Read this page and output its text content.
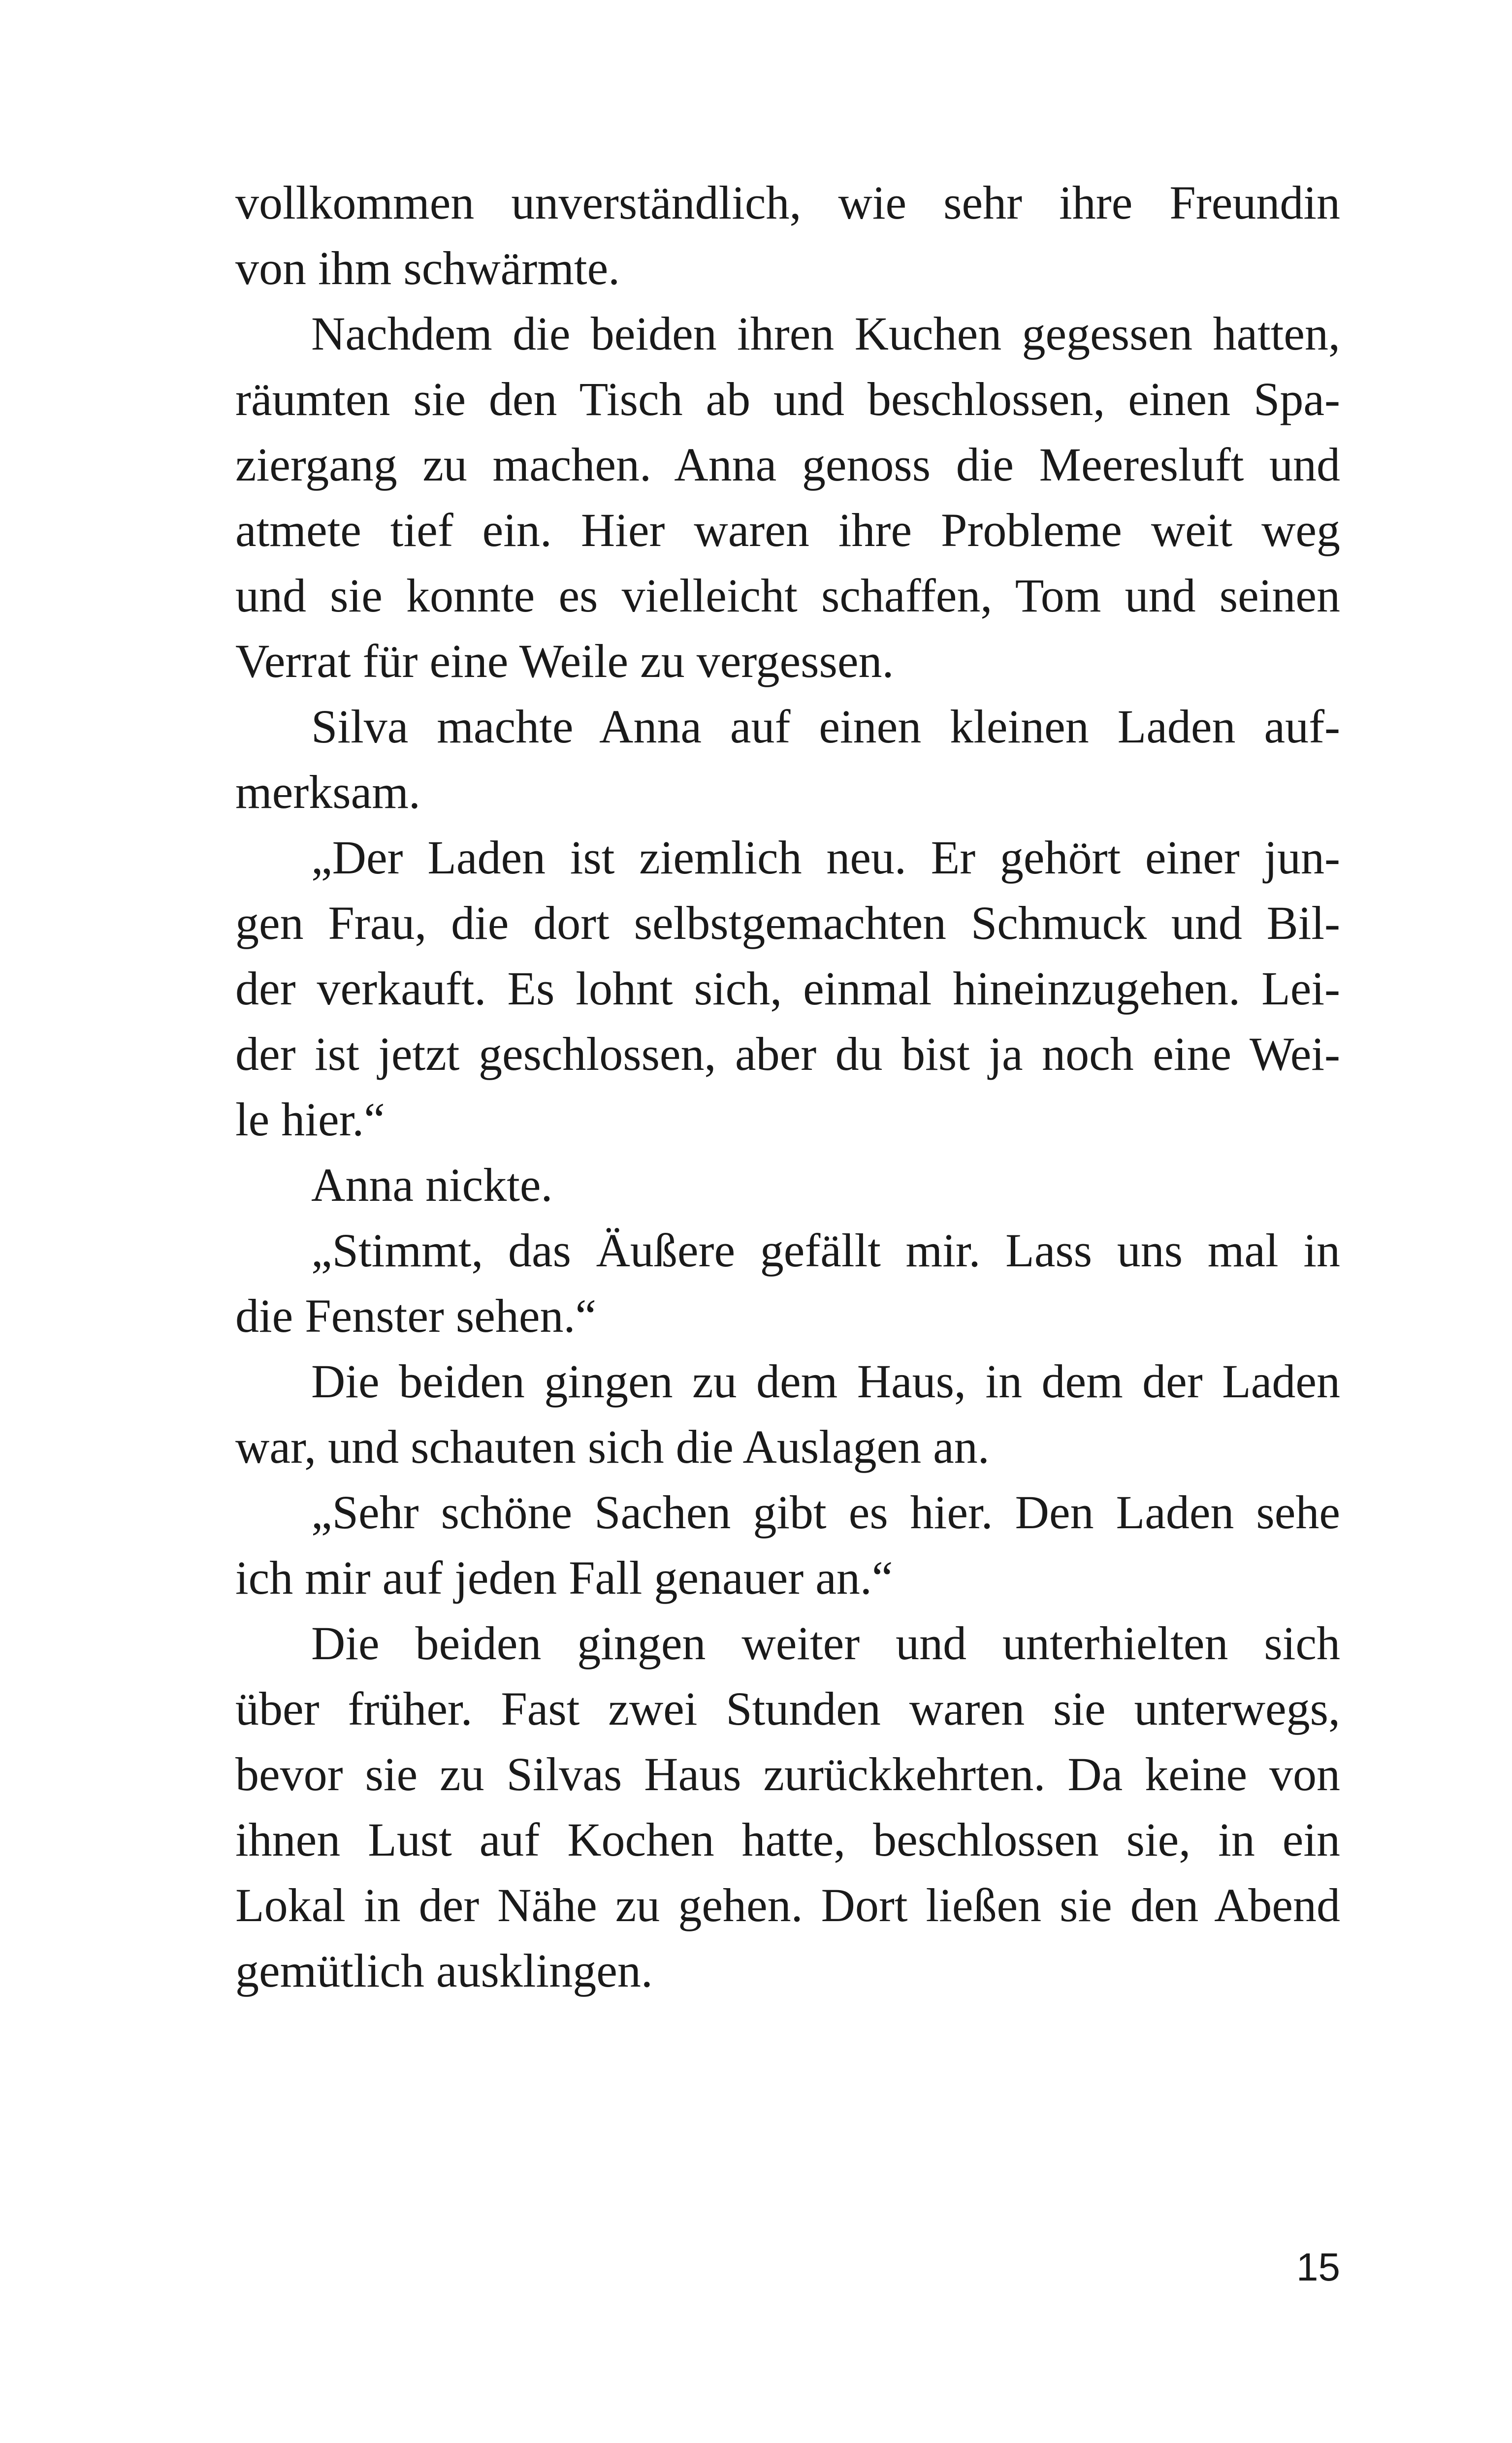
vollkommen unverständlich, wie sehr ihre Freundin
von ihm schwärmte.
Nachdem die beiden ihren Kuchen gegessen hatten,
räumten sie den Tisch ab und beschlossen, einen Spa-
ziergang zu machen. Anna genoss die Meeresluft und
atmete tief ein. Hier waren ihre Probleme weit weg
und sie konnte es vielleicht schaffen, Tom und seinen
Verrat für eine Weile zu vergessen.
Silva machte Anna auf einen kleinen Laden auf-
merksam.
„Der Laden ist ziemlich neu. Er gehört einer jun-
gen Frau, die dort selbstgemachten Schmuck und Bil-
der verkauft. Es lohnt sich, einmal hineinzugehen. Lei-
der ist jetzt geschlossen, aber du bist ja noch eine Wei-
le hier.“
Anna nickte.
„Stimmt, das Äußere gefällt mir. Lass uns mal in
die Fenster sehen.“
Die beiden gingen zu dem Haus, in dem der Laden
war, und schauten sich die Auslagen an.
„Sehr schöne Sachen gibt es hier. Den Laden sehe
ich mir auf jeden Fall genauer an.“
Die beiden gingen weiter und unterhielten sich
über früher. Fast zwei Stunden waren sie unterwegs,
bevor sie zu Silvas Haus zurückkehrten. Da keine von
ihnen Lust auf Kochen hatte, beschlossen sie, in ein
Lokal in der Nähe zu gehen. Dort ließen sie den Abend
gemütlich ausklingen.
15
